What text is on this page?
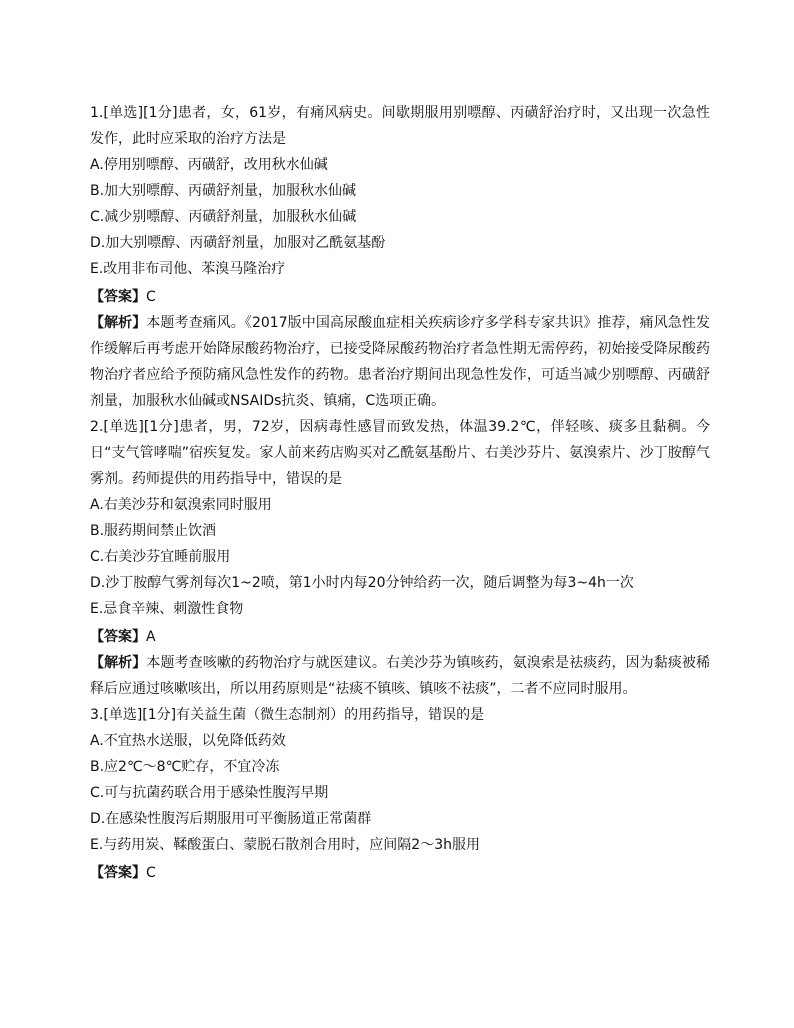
1.[单选][1分]患者，女，61岁，有痛风病史。间歇期服用别嘌醇、丙磺舒治疗时，又出现一次急性发作，此时应采取的治疗方法是

A.停用别嘌醇、丙磺舒，改用秋水仙碱

B.加大别嘌醇、丙磺舒剂量，加服秋水仙碱

C.减少别嘌醇、丙磺舒剂量，加服秋水仙碱

D.加大别嘌醇、丙磺舒剂量，加服对乙酰氨基酚

E.改用非布司他、苯溴马隆治疗

【答案】C

【解析】本题考查痛风。《2017版中国高尿酸血症相关疾病诊疗多学科专家共识》推荐，痛风急性发作缓解后再考虑开始降尿酸药物治疗，已接受降尿酸药物治疗者急性期无需停药，初始接受降尿酸药物治疗者应给予预防痛风急性发作的药物。患者治疗期间出现急性发作，可适当减少别嘌醇、丙磺舒剂量，加服秋水仙碱或NSAIDs抗炎、镇痛，C选项正确。

2.[单选][1分]患者，男，72岁，因病毒性感冒而致发热，体温39.2℃，伴轻咳、痰多且黏稠。今日“支气管哮喘”宿疾复发。家人前来药店购买对乙酰氨基酚片、右美沙芬片、氨溴索片、沙丁胺醇气雾剂。药师提供的用药指导中，错误的是

A.右美沙芬和氨溴索同时服用

B.服药期间禁止饮酒

C.右美沙芬宜睡前服用

D.沙丁胺醇气雾剂每次1~2喷，第1小时内每20分钟给药一次，随后调整为每3~4h一次

E.忌食辛辣、刺激性食物

【答案】A

【解析】本题考查咳嗽的药物治疗与就医建议。右美沙芬为镇咳药，氨溴索是祛痰药，因为黏痰被稀释后应通过咳嗽咳出，所以用药原则是“祛痰不镇咳、镇咳不祛痰”，二者不应同时服用。

3.[单选][1分]有关益生菌（微生态制剂）的用药指导，错误的是

A.不宜热水送服，以免降低药效

B.应2℃～8℃贮存，不宜冷冻

C.可与抗菌药联合用于感染性腹泻早期

D.在感染性腹泻后期服用可平衡肠道正常菌群

E.与药用炭、鞣酸蛋白、蒙脱石散剂合用时，应间隔2～3h服用

【答案】C
